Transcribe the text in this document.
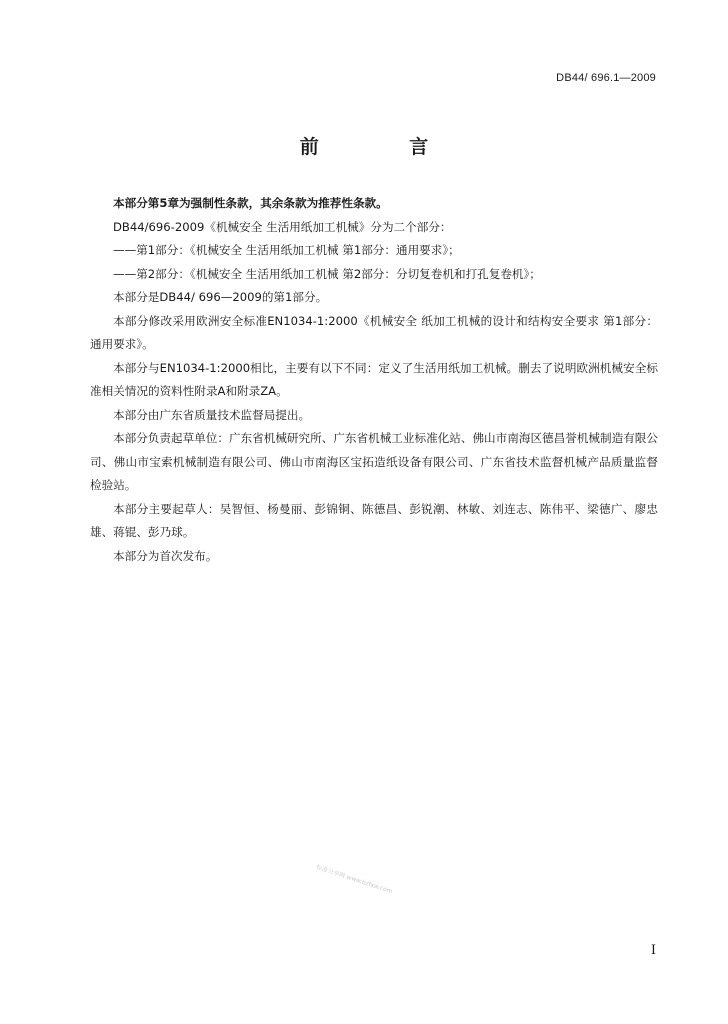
DB44/ 696.1—2009
前 言

本部分第5章为强制性条款，其余条款为推荐性条款。

DB44/696-2009《机械安全 生活用纸加工机械》分为二个部分：

——第1部分：《机械安全 生活用纸加工机械 第1部分：通用要求》；

——第2部分：《机械安全 生活用纸加工机械 第2部分：分切复卷机和打孔复卷机》；

本部分是DB44/ 696—2009的第1部分。

本部分修改采用欧洲安全标准EN1034-1:2000《机械安全 纸加工机械的设计和结构安全要求 第1部分：通用要求》。

本部分与EN1034-1:2000相比，主要有以下不同：定义了生活用纸加工机械。删去了说明欧洲机械安全标准相关情况的资料性附录A和附录ZA。

本部分由广东省质量技术监督局提出。

本部分负责起草单位：广东省机械研究所、广东省机械工业标准化站、佛山市南海区德昌誉机械制造有限公司、佛山市宝索机械制造有限公司、佛山市南海区宝拓造纸设备有限公司、广东省技术监督机械产品质量监督检验站。

本部分主要起草人：吴智恒、杨曼丽、彭锦铜、陈德昌、彭锐潮、林敏、刘连志、陈伟平、梁德广、廖忠雄、蒋锟、彭乃球。

本部分为首次发布。

标准分享网 www.bzfxw.com
I
